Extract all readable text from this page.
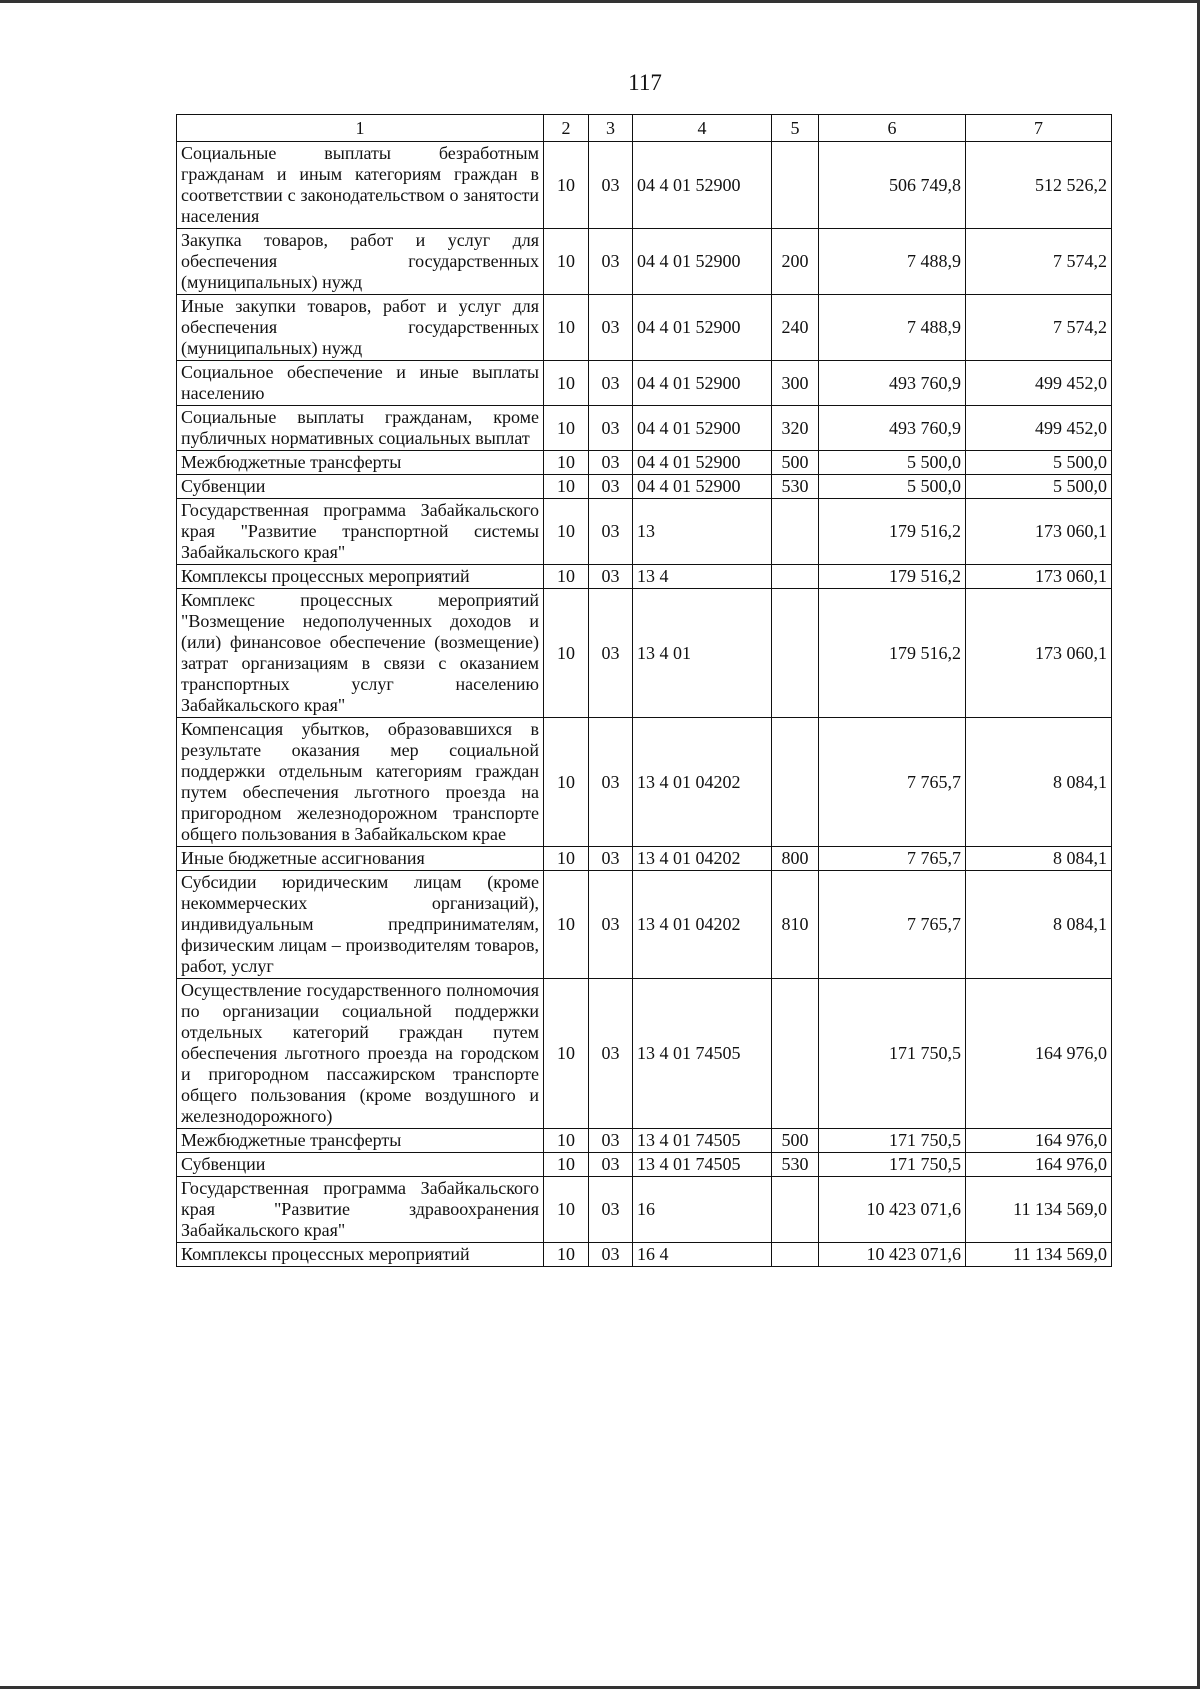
117
1	2	3	4	5	6	7
Социальные выплаты безработным гражданам и иным категориям граждан в соответствии с законодательством о занятости населения	10	03	04 4 01 52900		506 749,8	512 526,2
Закупка товаров, работ и услуг для обеспечения государственных (муниципальных) нужд	10	03	04 4 01 52900	200	7 488,9	7 574,2
Иные закупки товаров, работ и услуг для обеспечения государственных (муниципальных) нужд	10	03	04 4 01 52900	240	7 488,9	7 574,2
Социальное обеспечение и иные выплаты населению	10	03	04 4 01 52900	300	493 760,9	499 452,0
Социальные выплаты гражданам, кроме публичных нормативных социальных выплат	10	03	04 4 01 52900	320	493 760,9	499 452,0
Межбюджетные трансферты	10	03	04 4 01 52900	500	5 500,0	5 500,0
Субвенции	10	03	04 4 01 52900	530	5 500,0	5 500,0
Государственная программа Забайкальского края "Развитие транспортной системы Забайкальского края"	10	03	13		179 516,2	173 060,1
Комплексы процессных мероприятий	10	03	13 4		179 516,2	173 060,1
Комплекс процессных мероприятий "Возмещение недополученных доходов и (или) финансовое обеспечение (возмещение) затрат организациям в связи с оказанием транспортных услуг населению Забайкальского края"	10	03	13 4 01		179 516,2	173 060,1
Компенсация убытков, образовавшихся в результате оказания мер социальной поддержки отдельным категориям граждан путем обеспечения льготного проезда на пригородном железнодорожном транспорте общего пользования в Забайкальском крае	10	03	13 4 01 04202		7 765,7	8 084,1
Иные бюджетные ассигнования	10	03	13 4 01 04202	800	7 765,7	8 084,1
Субсидии юридическим лицам (кроме некоммерческих организаций), индивидуальным предпринимателям, физическим лицам – производителям товаров, работ, услуг	10	03	13 4 01 04202	810	7 765,7	8 084,1
Осуществление государственного полномочия по организации социальной поддержки отдельных категорий граждан путем обеспечения льготного проезда на городском и пригородном пассажирском транспорте общего пользования (кроме воздушного и железнодорожного)	10	03	13 4 01 74505		171 750,5	164 976,0
Межбюджетные трансферты	10	03	13 4 01 74505	500	171 750,5	164 976,0
Субвенции	10	03	13 4 01 74505	530	171 750,5	164 976,0
Государственная программа Забайкальского края "Развитие здравоохранения Забайкальского края"	10	03	16		10 423 071,6	11 134 569,0
Комплексы процессных мероприятий	10	03	16 4		10 423 071,6	11 134 569,0
